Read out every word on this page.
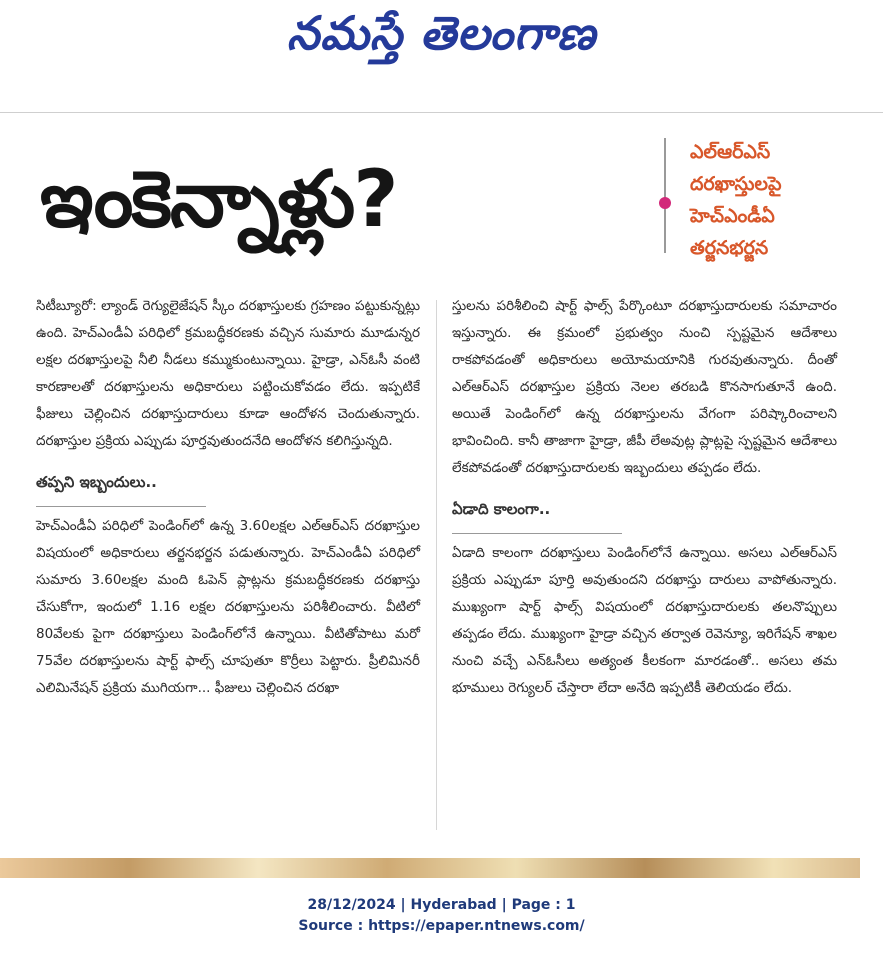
నమస్తే తెలంగాణ
ఇంకెన్నాళ్లు?
ఎల్‌ఆర్‌ఎస్
దరఖాస్తులపై
హెచ్‌ఎండీఏ
తర్జనభర్జన

సిటీబ్యూరో: ల్యాండ్ రెగ్యులైజేషన్ స్కీం దరఖాస్తులకు గ్రహణం పట్టుకున్నట్లు ఉంది. హెచ్‌ఎండీఏ పరిధిలో క్రమబద్ధీకరణకు వచ్చిన సుమారు మూడున్నర లక్షల దరఖాస్తులపై నీలి నీడలు కమ్ముకుంటున్నాయి. హైడ్రా, ఎన్‌ఓసీ వంటి కారణాలతో దరఖాస్తులను అధికారులు పట్టించుకోవడం లేదు. ఇప్పటికే ఫీజులు చెల్లించిన దరఖాస్తుదారులు కూడా ఆందోళన చెందుతున్నారు. దరఖాస్తుల ప్రక్రియ ఎప్పుడు పూర్తవుతుందనేది ఆందోళన కలిగిస్తున్నది.

తప్పని ఇబ్బందులు..

హెచ్‌ఎండీఏ పరిధిలో పెండింగ్‌లో ఉన్న 3.60లక్షల ఎల్‌ఆర్‌ఎస్ దరఖాస్తుల విషయంలో అధికారులు తర్జనభర్జన పడుతున్నారు. హెచ్‌ఎండీఏ పరిధిలో సుమారు 3.60లక్షల మంది ఓపెన్ ప్లాట్లను క్రమబద్ధీకరణకు దరఖాస్తు చేసుకోగా, ఇందులో 1.16 లక్షల దరఖాస్తులను పరిశీలించారు. వీటిలో 80వేలకు పైగా దరఖాస్తులు పెండింగ్‌లోనే ఉన్నాయి. వీటితోపాటు మరో 75వేల దరఖాస్తులను షార్ట్ ఫాల్స్ చూపుతూ కొర్రీలు పెట్టారు. ప్రీలిమినరీ ఎలిమినేషన్ ప్రక్రియ ముగియగా... ఫీజులు చెల్లించిన దరఖా

స్తులను పరిశీలించి షార్ట్ ఫాల్స్ పేర్కొంటూ దరఖాస్తుదారులకు సమాచారం ఇస్తున్నారు. ఈ క్రమంలో ప్రభుత్వం నుంచి స్పష్టమైన ఆదేశాలు రాకపోవడంతో అధికారులు అయోమయానికి గురవుతున్నారు. దీంతో ఎల్‌ఆర్‌ఎస్ దరఖాస్తుల ప్రక్రియ నెలల తరబడి కొనసాగుతూనే ఉంది. అయితే పెండింగ్‌లో ఉన్న దరఖాస్తులను వేగంగా పరిష్కారించాలని భావించింది. కానీ తాజాగా హైడ్రా, జీపీ లేఅవుట్ల ప్లాట్లపై స్పష్టమైన ఆదేశాలు లేకపోవడంతో దరఖాస్తుదారులకు ఇబ్బందులు తప్పడం లేదు.

ఏడాది కాలంగా..

ఏడాది కాలంగా దరఖాస్తులు పెండింగ్‌లోనే ఉన్నాయి. అసలు ఎల్‌ఆర్‌ఎస్ ప్రక్రియ ఎప్పుడూ పూర్తి అవుతుందని దరఖాస్తు దారులు వాపోతున్నారు. ముఖ్యంగా షార్ట్ ఫాల్స్ విషయంలో దరఖాస్తుదారులకు తలనొప్పులు తప్పడం లేదు. ముఖ్యంగా హైడ్రా వచ్చిన తర్వాత రెవెన్యూ, ఇరిగేషన్ శాఖల నుంచి వచ్చే ఎన్‌ఓసీలు అత్యంత కీలకంగా మారడంతో.. అసలు తమ భూములు రెగ్యులర్ చేస్తారా లేదా అనేది ఇప్పటికీ తెలియడం లేదు.

28/12/2024 | Hyderabad | Page : 1
Source : https://epaper.ntnews.com/
